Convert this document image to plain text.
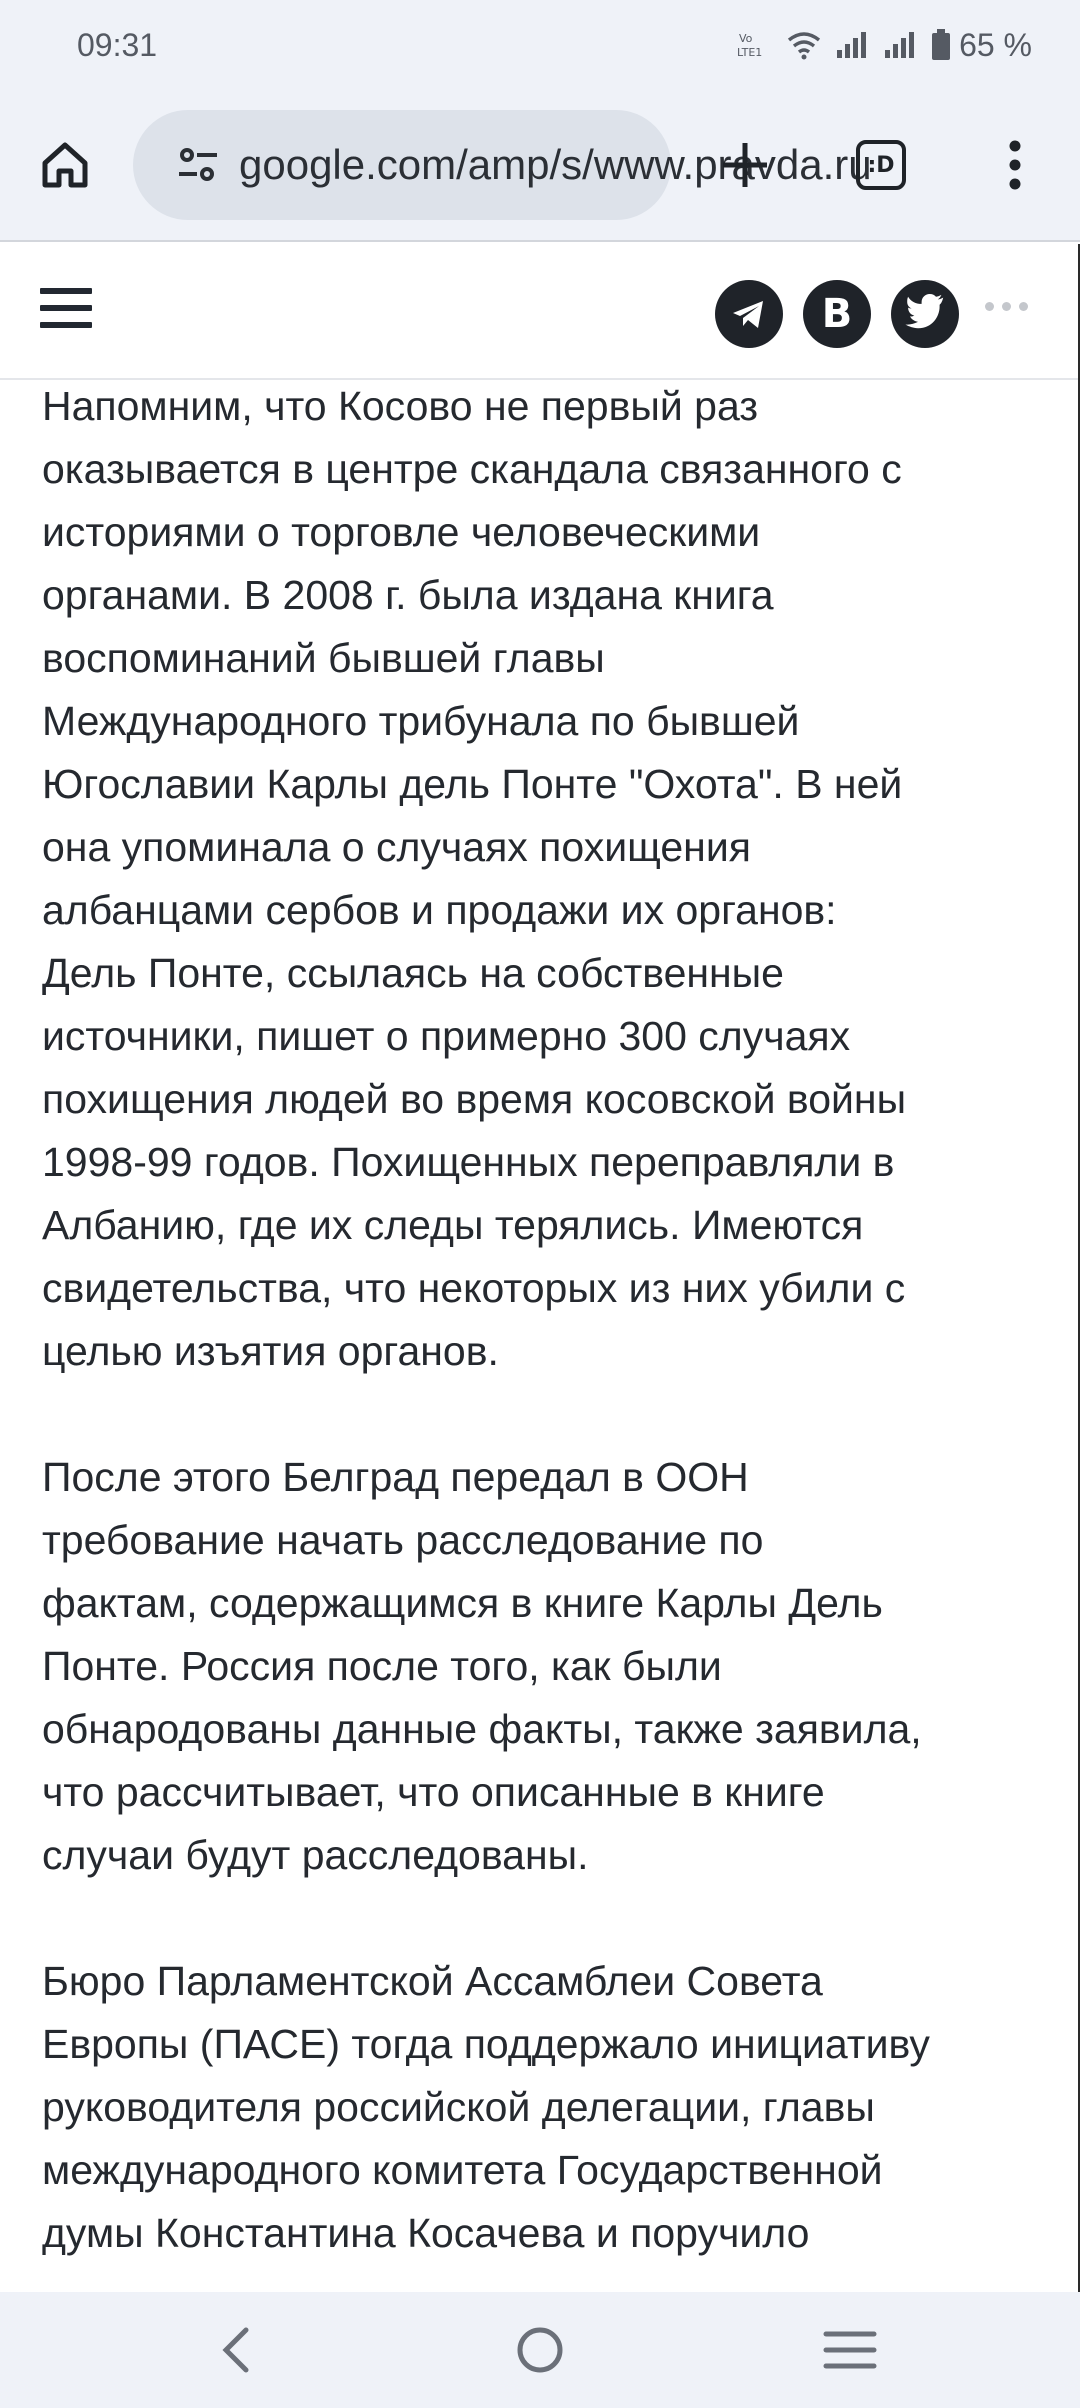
09:31	Vo
LTE1	65 %
google.com/amp/s/www.pravda.ru
:D
В

Напомним, что Косово не первый раз
оказывается в центре скандала связанного с
историями о торговле человеческими
органами. В 2008 г. была издана книга
воспоминаний бывшей главы
Международного трибунала по бывшей
Югославии Карлы дель Понте "Охота". В ней
она упоминала о случаях похищения
албанцами сербов и продажи их органов:
Дель Понте, ссылаясь на собственные
источники, пишет о примерно 300 случаях
похищения людей во время косовской войны
1998-99 годов. Похищенных переправляли в
Албанию, где их следы терялись. Имеются
свидетельства, что некоторых из них убили с
целью изъятия органов.

После этого Белград передал в ООН
требование начать расследование по
фактам, содержащимся в книге Карлы Дель
Понте. Россия после того, как были
обнародованы данные факты, также заявила,
что рассчитывает, что описанные в книге
случаи будут расследованы.

Бюро Парламентской Ассамблеи Совета
Европы (ПАСЕ) тогда поддержало инициативу
руководителя российской делегации, главы
международного комитета Государственной
думы Константина Косачева и поручило
